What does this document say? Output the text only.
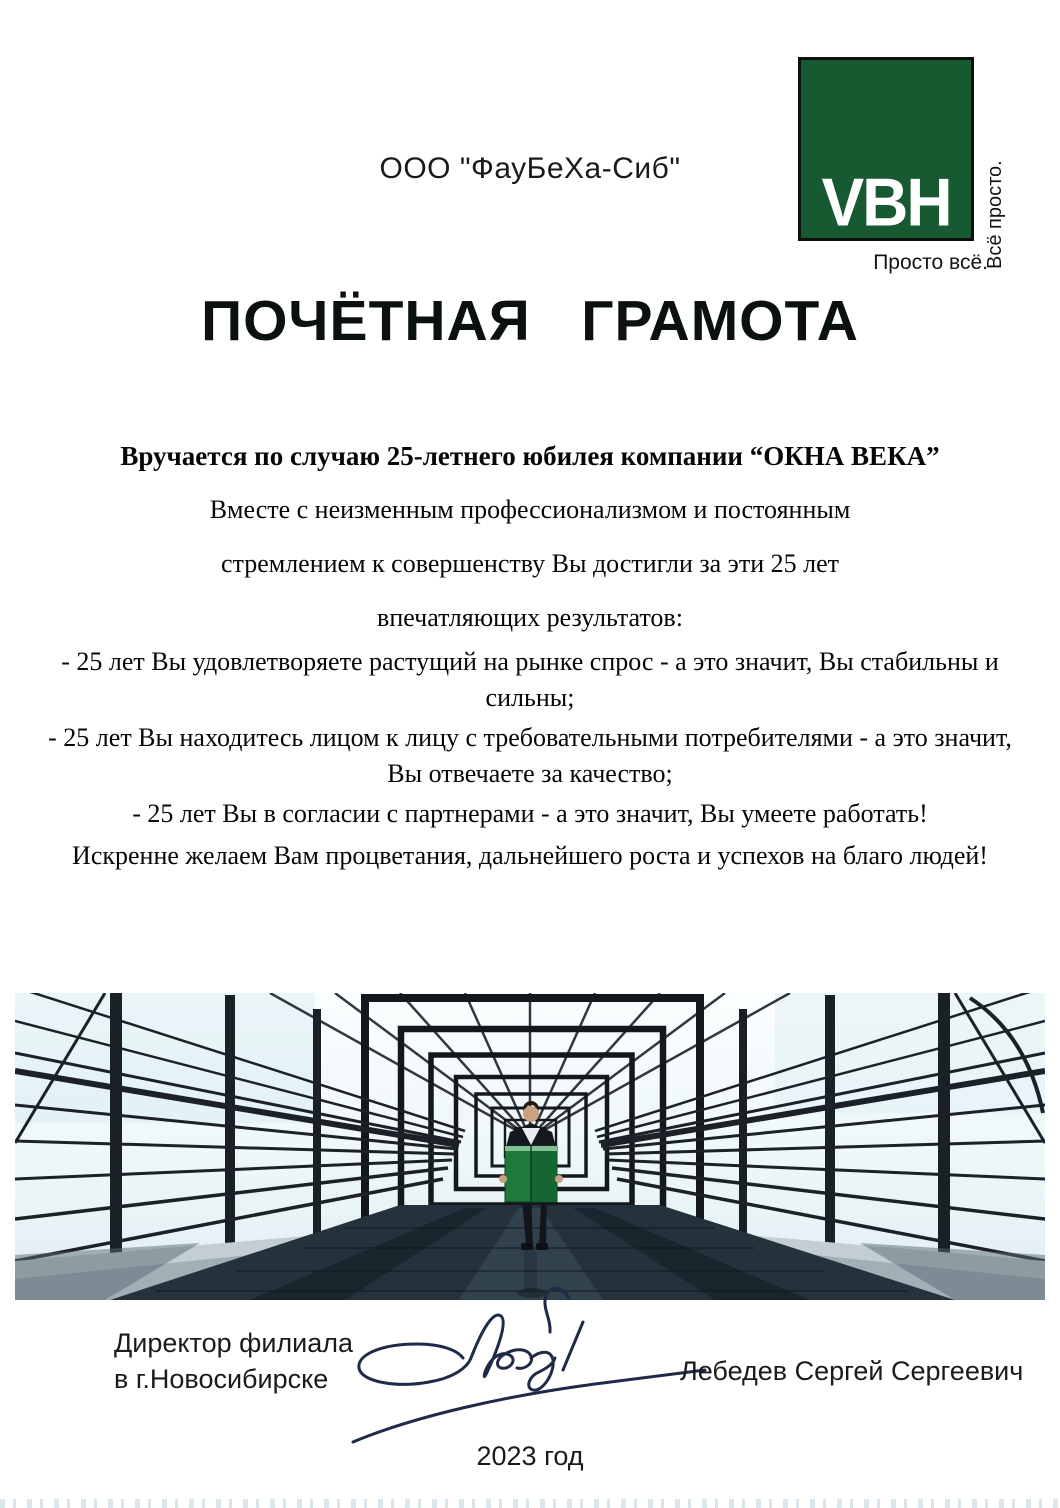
ООО "ФауБеХа-Сиб"	VBH	Всё просто.
Просто всё.
ПОЧЁТНАЯ   ГРАМОТА

Вручается по случаю 25-летнего юбилея компании “ОКНА ВЕКА”

Вместе с неизменным профессионализмом и постоянным

стремлением к совершенству Вы достигли за эти 25 лет

впечатляющих результатов:

- 25 лет Вы удовлетворяете растущий на рынке спрос - а это значит, Вы стабильны и сильны;

- 25 лет Вы находитесь лицом к лицу с требовательными потребителями - а это значит, Вы отвечаете за качество;

- 25 лет Вы в согласии с партнерами - а это значит, Вы умеете работать!

Искренне желаем Вам процветания, дальнейшего роста и успехов на благо людей!

Директор филиала
в г.Новосибирске	Лебедев Сергей Сергеевич
2023 год
